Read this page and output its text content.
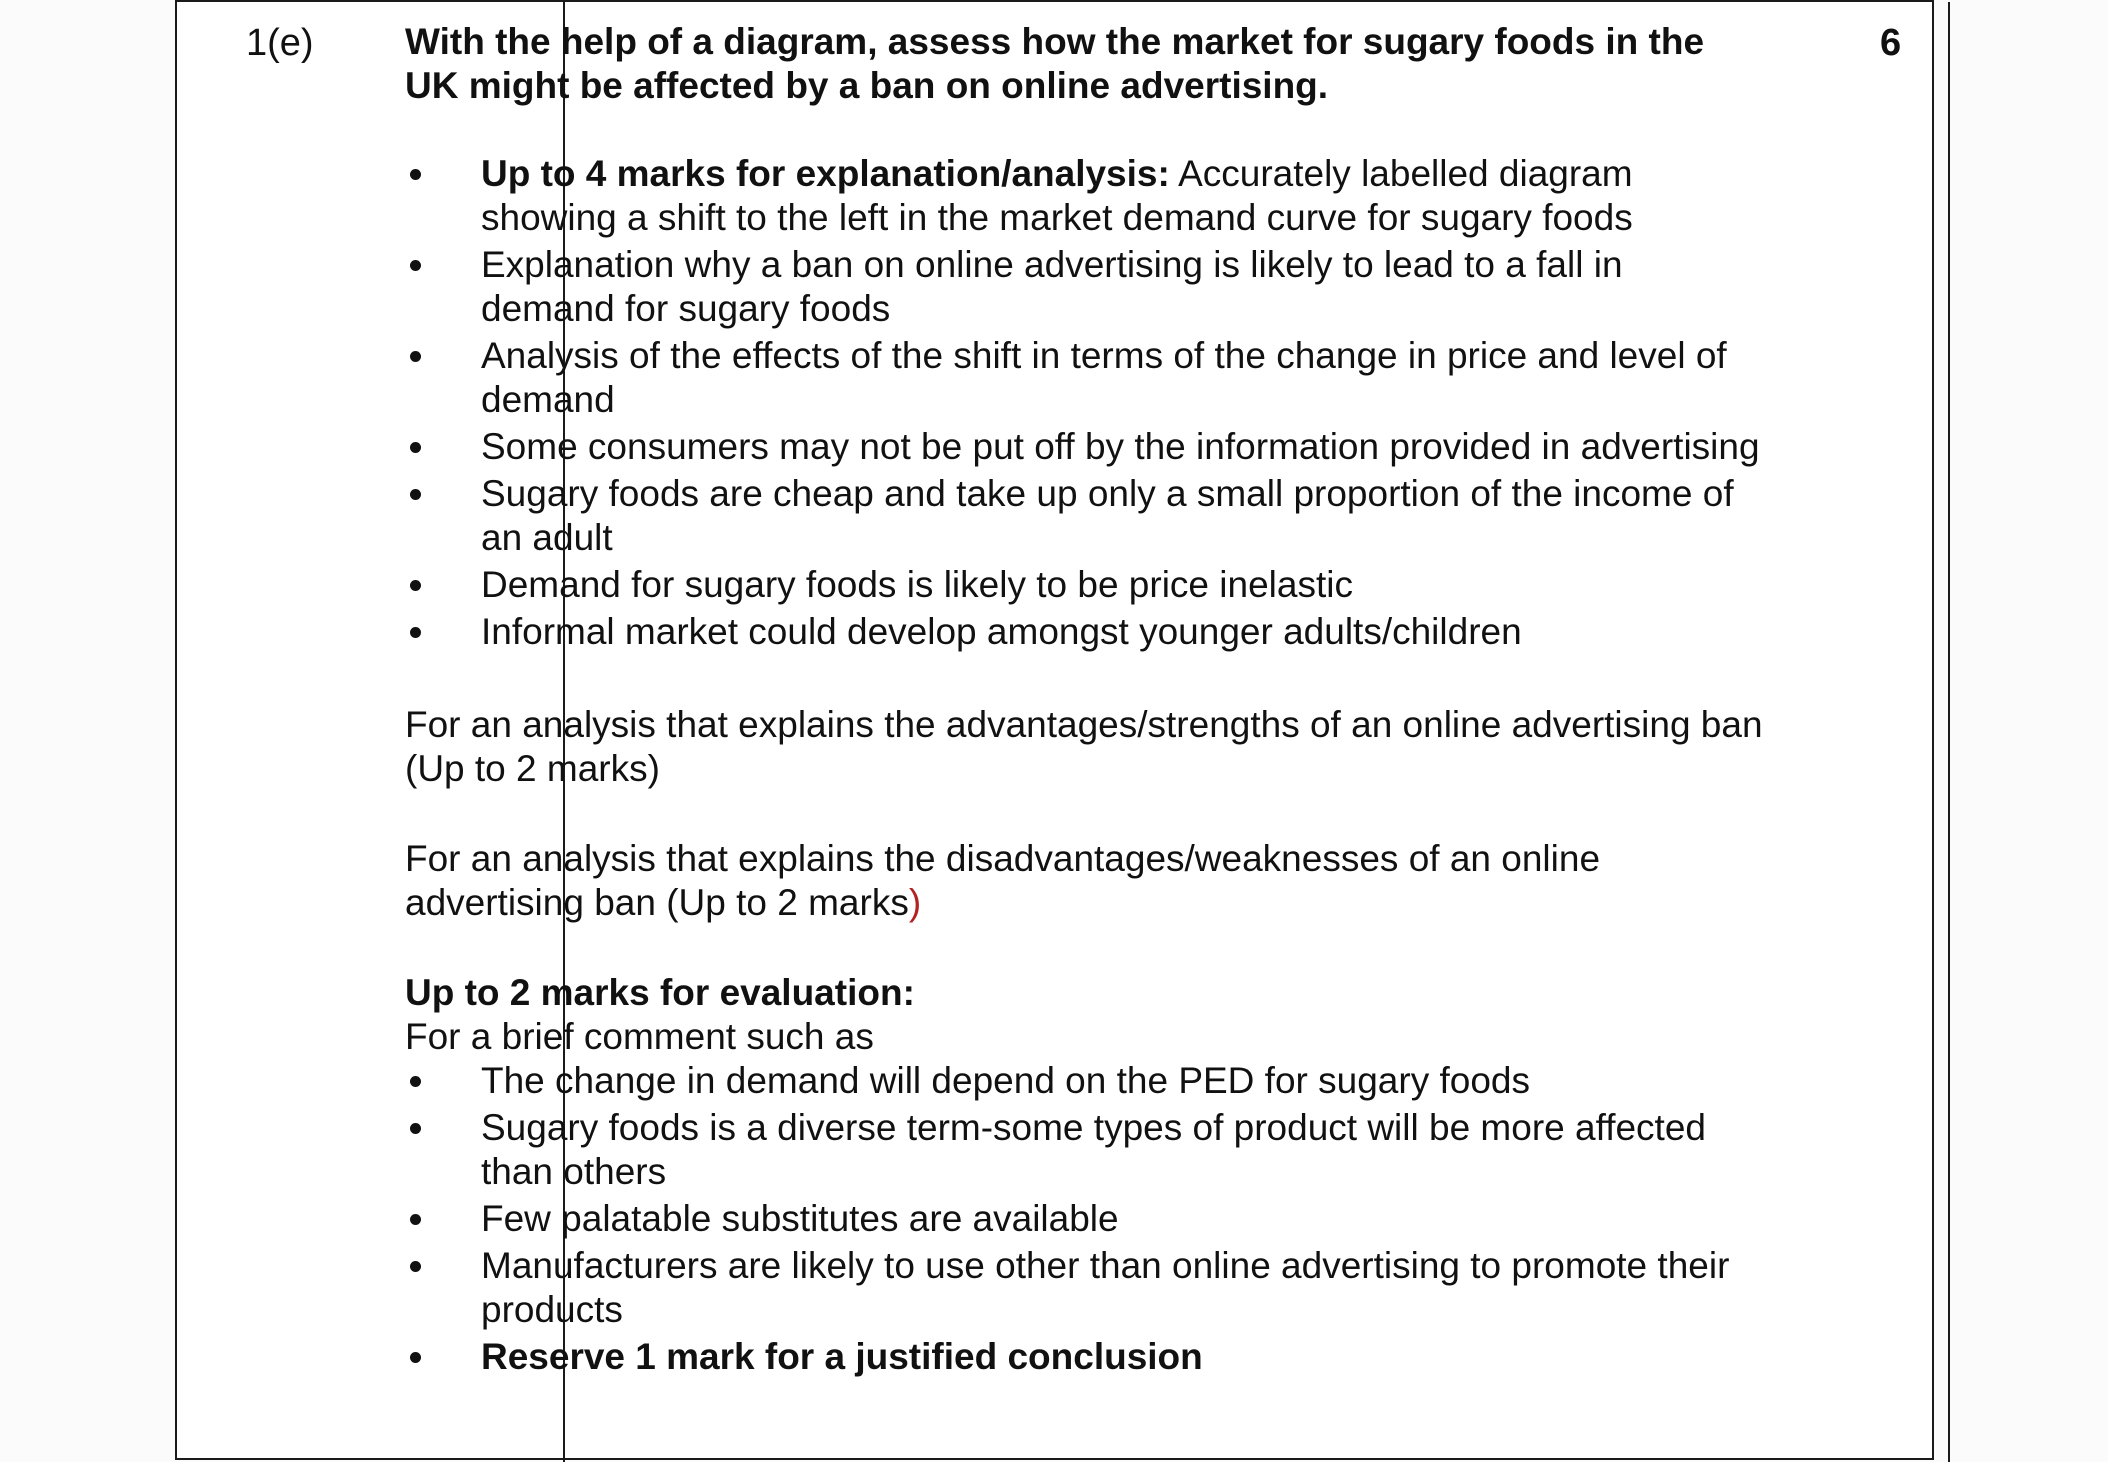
1(e)	6

With the help of a diagram, assess how the market for sugary foods in the UK might be affected by a ban on online advertising.

Up to 4 marks for explanation/analysis: Accurately labelled diagram showing a shift to the left in the market demand curve for sugary foods
Explanation why a ban on online advertising is likely to lead to a fall in demand for sugary foods
Analysis of the effects of the shift in terms of the change in price and level of demand
Some consumers may not be put off by the information provided in advertising
Sugary foods are cheap and take up only a small proportion of the income of an adult
Demand for sugary foods is likely to be price inelastic
Informal market could develop amongst younger adults/children

For an analysis that explains the advantages/strengths of an online advertising ban (Up to 2 marks)

For an analysis that explains the disadvantages/weaknesses of an online advertising ban (Up to 2 marks)

Up to 2 marks for evaluation:

For a brief comment such as

The change in demand will depend on the PED for sugary foods
Sugary foods is a diverse term-some types of product will be more affected than others
Few palatable substitutes are available
Manufacturers are likely to use other than online advertising to promote their products
Reserve 1 mark for a justified conclusion
